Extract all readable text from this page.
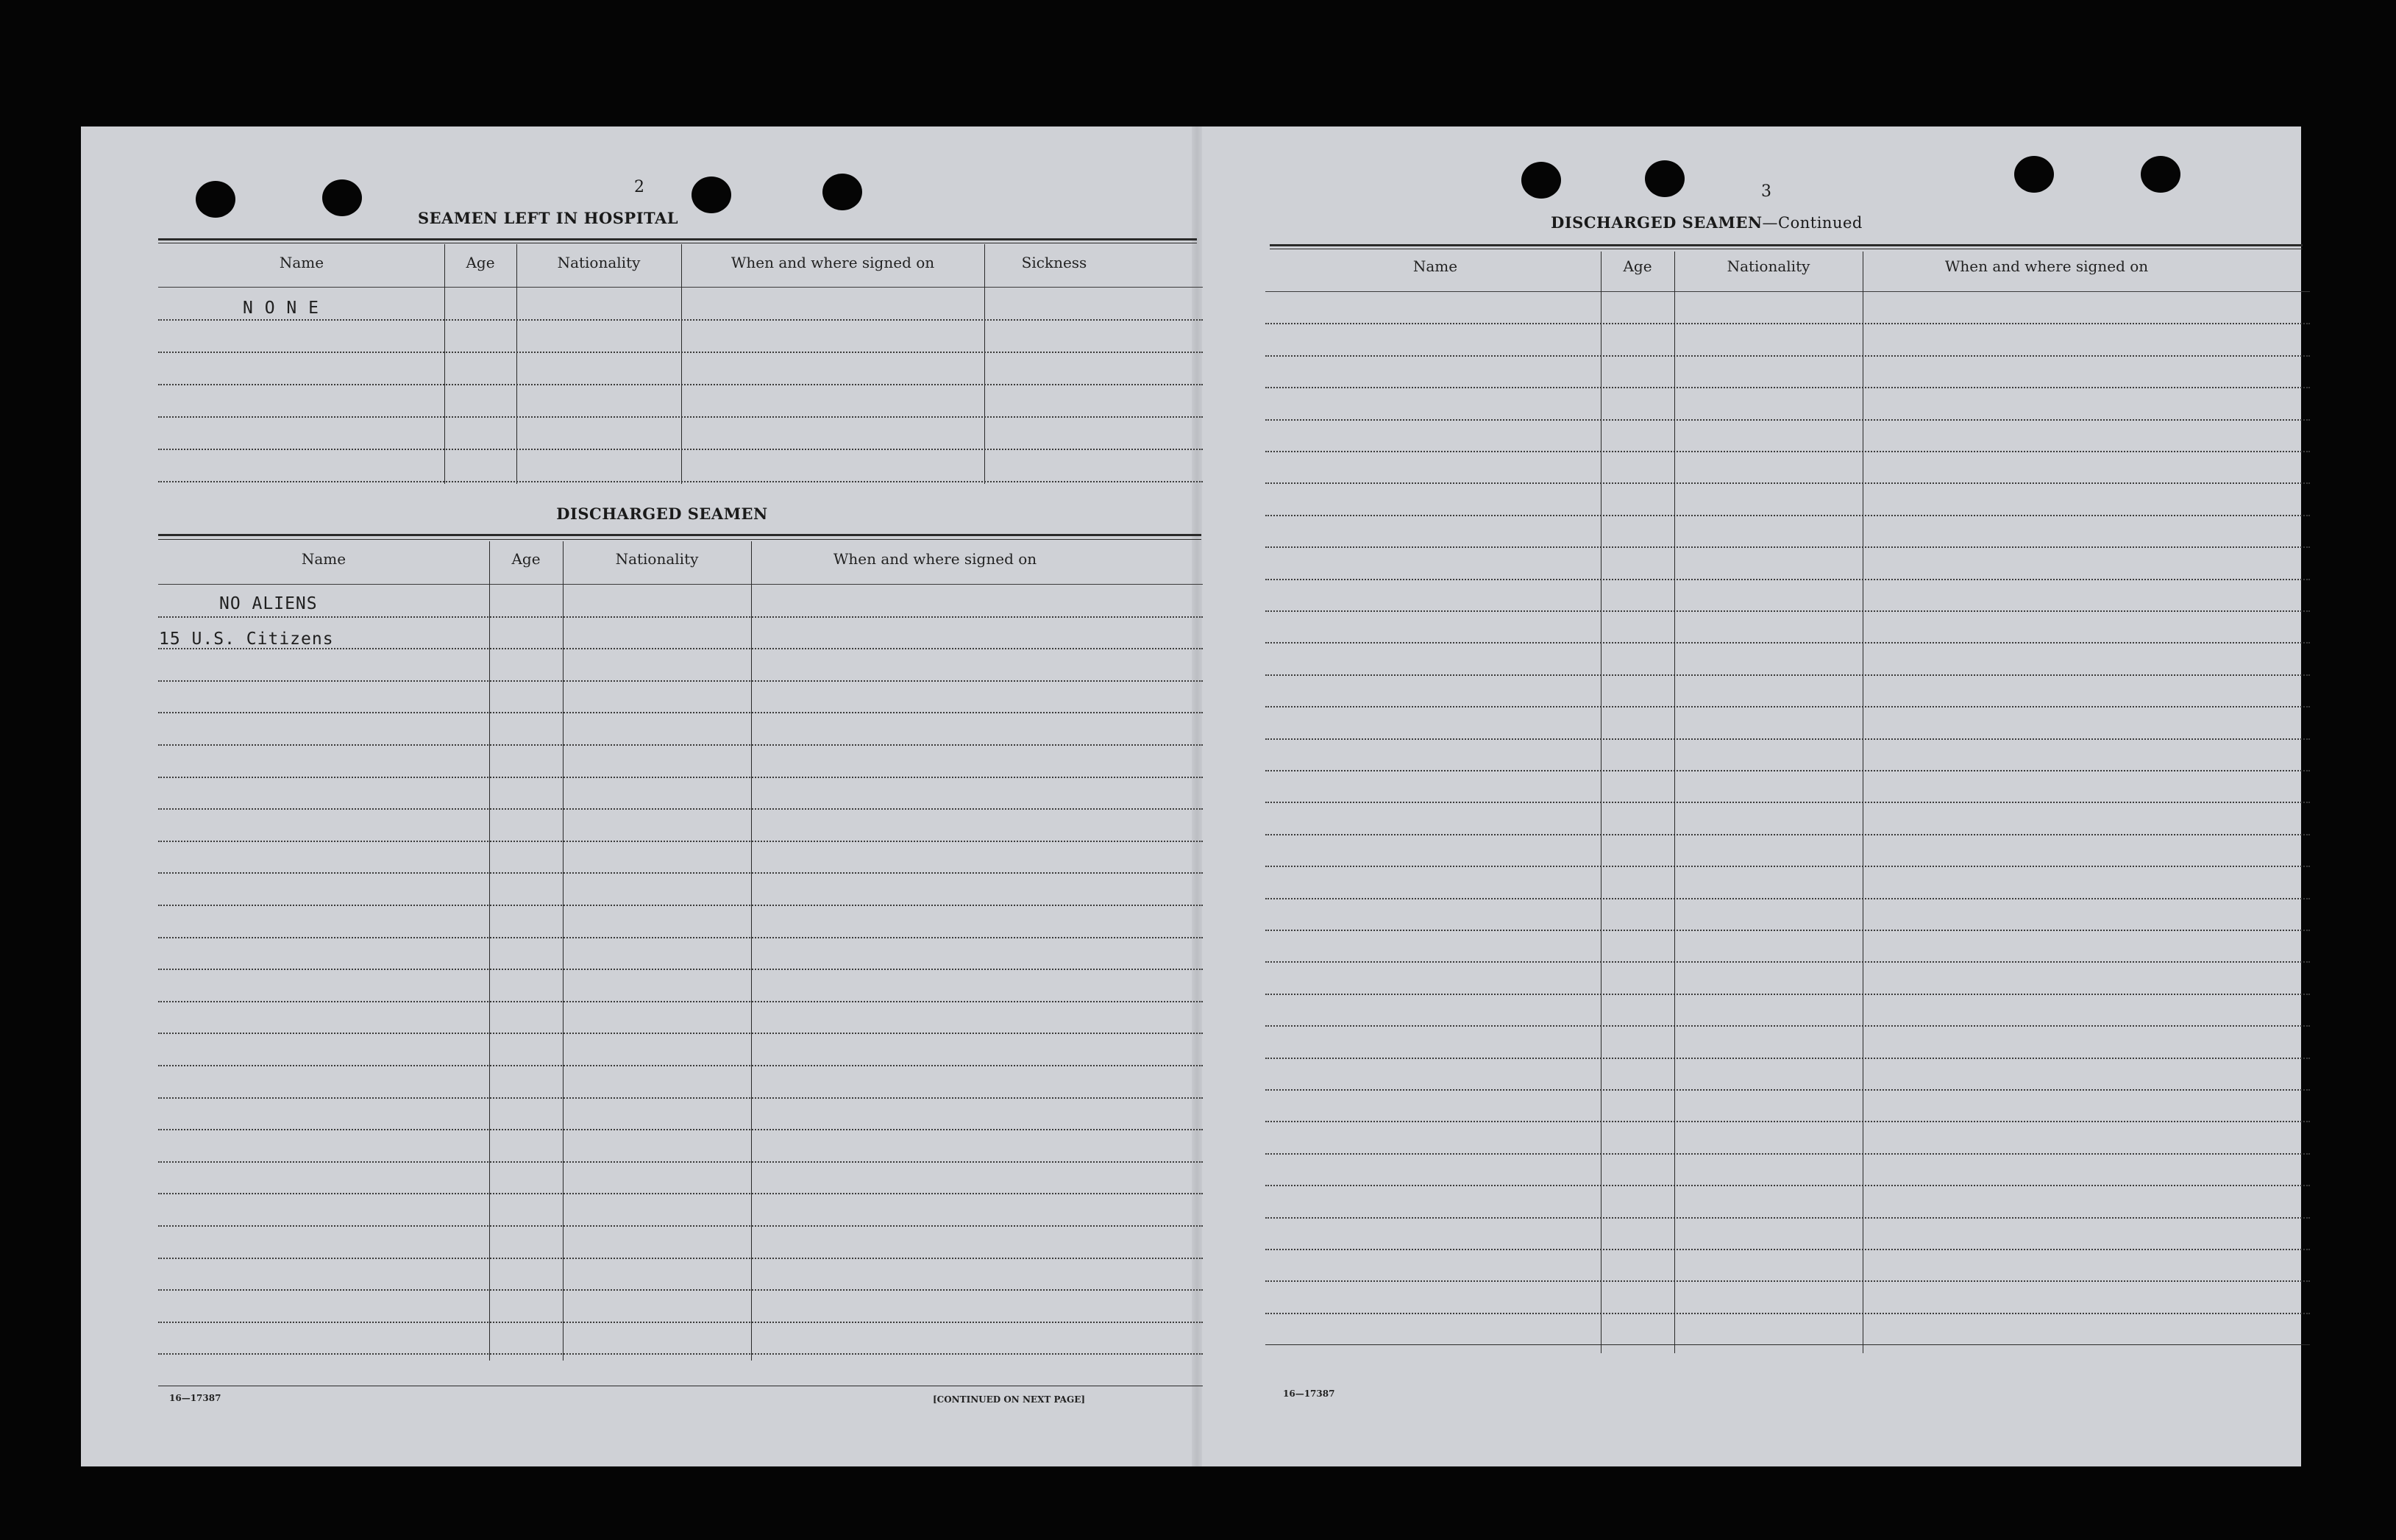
2
SEAMEN LEFT IN HOSPITAL
Name	Age	Nationality	When and where signed on	Sickness
N O N E
DISCHARGED SEAMEN
Name	Age	Nationality	When and where signed on
NO ALIENS
15 U.S. Citizens
16—17387	[CONTINUED ON NEXT PAGE]
3
DISCHARGED SEAMEN—Continued
Name	Age	Nationality	When and where signed on
16—17387
